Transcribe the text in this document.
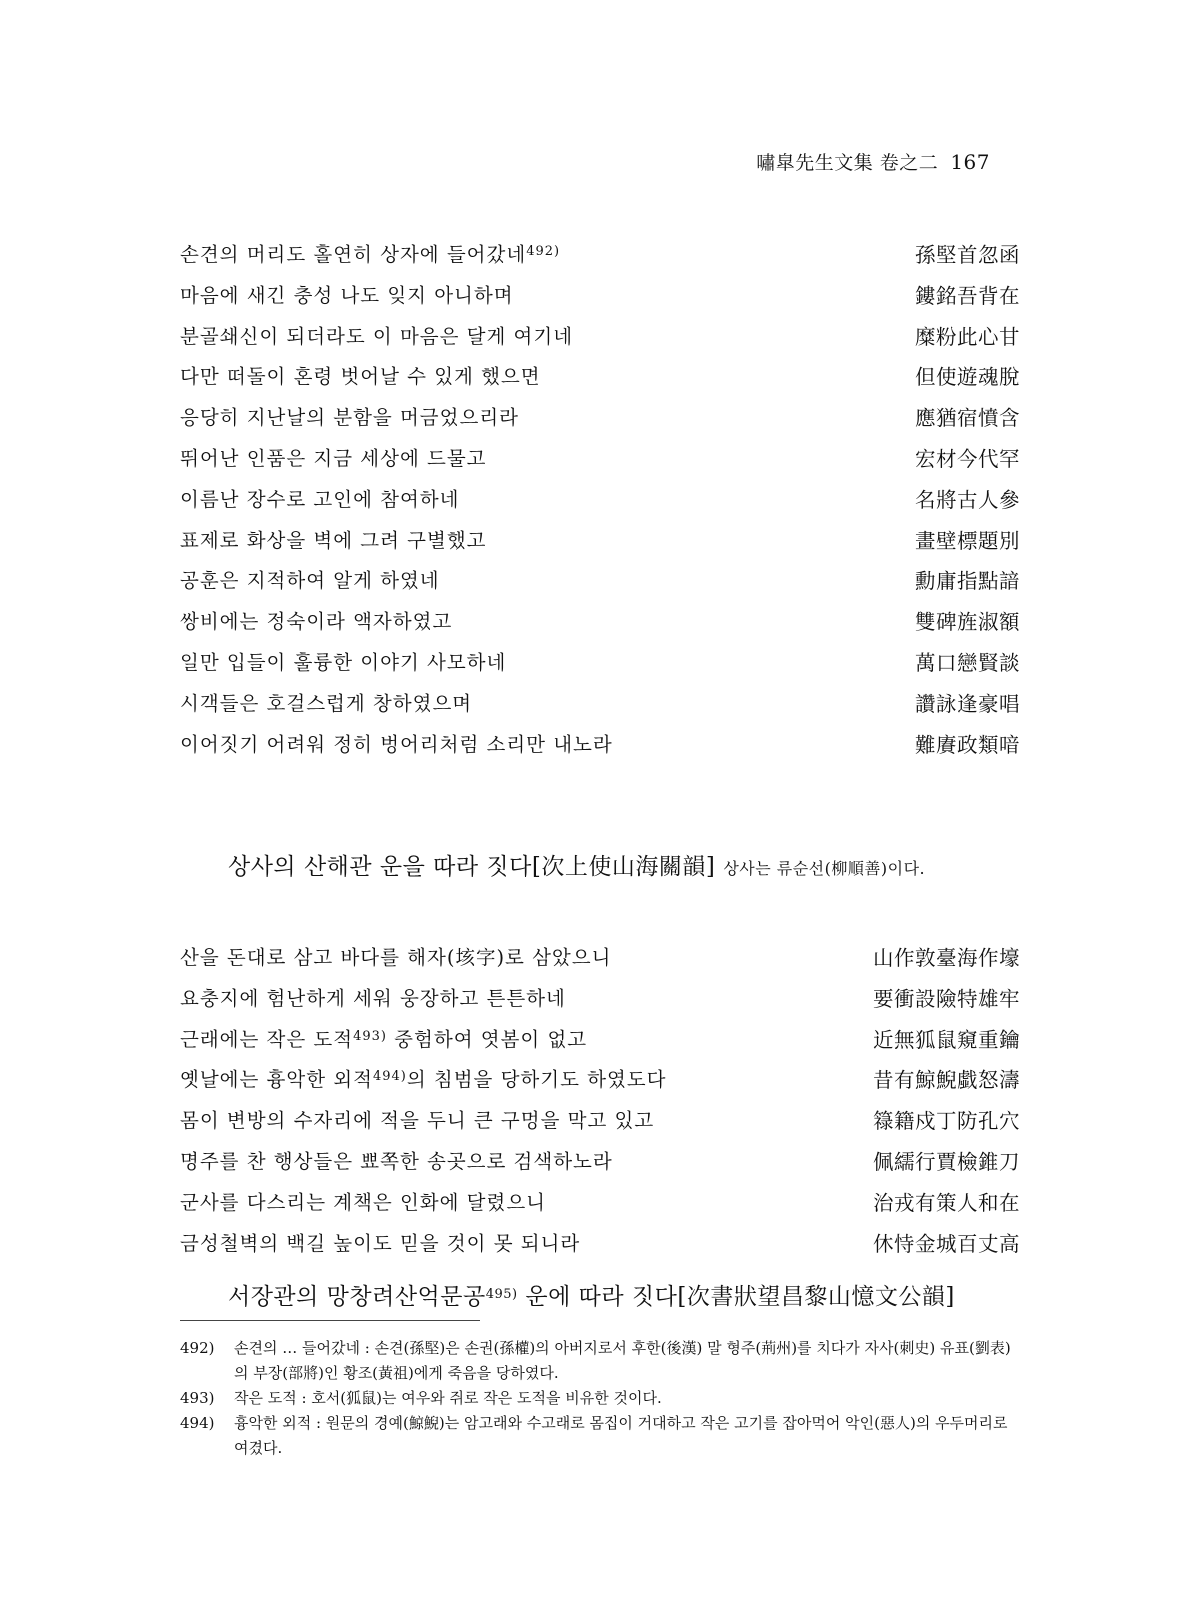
嘯皐先生文集 卷之二 167
손견의 머리도 홀연히 상자에 들어갔네$^{492)}$	孫堅首忽函
마음에 새긴 충성 나도 잊지 아니하며	鏤銘吾背在
분골쇄신이 되더라도 이 마음은 달게 여기네	糜粉此心甘
다만 떠돌이 혼령 벗어날 수 있게 했으면	但使遊魂脫
응당히 지난날의 분함을 머금었으리라	應猶宿憤含
뛰어난 인품은 지금 세상에 드물고	宏材今代罕
이름난 장수로 고인에 참여하네	名將古人參
표제로 화상을 벽에 그려 구별했고	畫壁標題別
공훈은 지적하여 알게 하였네	勳庸指點諳
쌍비에는 정숙이라 액자하였고	雙碑旌淑額
일만 입들이 훌륭한 이야기 사모하네	萬口戀賢談
시객들은 호걸스럽게 창하였으며	讚詠逢豪唱
이어짓기 어려워 정히 벙어리처럼 소리만 내노라	難賡政類喑
상사의 산해관 운을 따라 짓다[次上使山海關韻] 상사는 류순선(柳順善)이다.
산을 돈대로 삼고 바다를 해자(垓字)로 삼았으니	山作敦臺海作壕
요충지에 험난하게 세워 웅장하고 튼튼하네	要衝設險特雄牢
근래에는 작은 도적$^{493)}$ 중험하여 엿봄이 없고	近無狐鼠窺重鑰
옛날에는 흉악한 외적$^{494)}$의 침범을 당하기도 하였도다	昔有鯨鯢戱怒濤
몸이 변방의 수자리에 적을 두니 큰 구멍을 막고 있고	簶籍戍丁防孔穴
명주를 찬 행상들은 뾰쪽한 송곳으로 검색하노라	佩繻行賈檢錐刀
군사를 다스리는 계책은 인화에 달렸으니	治戎有策人和在
금성철벽의 백길 높이도 믿을 것이 못 되니라	休恃金城百丈高
서장관의 망창려산억문공$^{495)}$ 운에 따라 짓다[次書狀望昌黎山憶文公韻]
492)	손견의 … 들어갔네 : 손견(孫堅)은 손권(孫權)의 아버지로서 후한(後漢) 말 형주(荊州)를 치다가 자사(刺史) 유표(劉表)의 부장(部將)인 황조(黃祖)에게 죽음을 당하였다.
493)	작은 도적 : 호서(狐鼠)는 여우와 쥐로 작은 도적을 비유한 것이다.
494)	흉악한 외적 : 원문의 경예(鯨鯢)는 암고래와 수고래로 몸집이 거대하고 작은 고기를 잡아먹어 악인(惡人)의 우두머리로 여겼다.
